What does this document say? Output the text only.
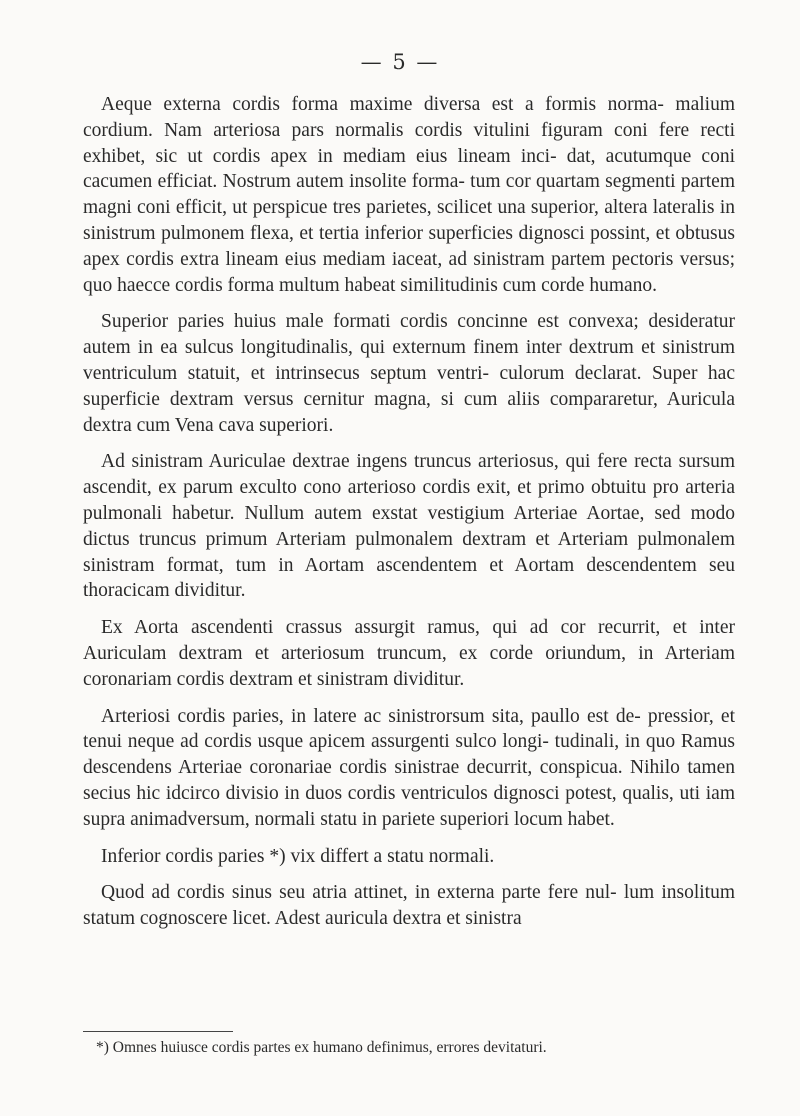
— 5 —

Aeque externa cordis forma maxime diversa est a formis norma- malium cordium. Nam arteriosa pars normalis cordis vitulini figuram coni fere recti exhibet, sic ut cordis apex in mediam eius lineam inci- dat, acutumque coni cacumen efficiat. Nostrum autem insolite forma- tum cor quartam segmenti partem magni coni efficit, ut perspicue tres parietes, scilicet una superior, altera lateralis in sinistrum pulmonem flexa, et tertia inferior superficies dignosci possint, et obtusus apex cordis extra lineam eius mediam iaceat, ad sinistram partem pectoris versus; quo haecce cordis forma multum habeat similitudinis cum corde humano.

Superior paries huius male formati cordis concinne est convexa; desideratur autem in ea sulcus longitudinalis, qui externum finem inter dextrum et sinistrum ventriculum statuit, et intrinsecus septum ventri- culorum declarat. Super hac superficie dextram versus cernitur magna, si cum aliis compararetur, Auricula dextra cum Vena cava superiori.

Ad sinistram Auriculae dextrae ingens truncus arteriosus, qui fere recta sursum ascendit, ex parum exculto cono arterioso cordis exit, et primo obtuitu pro arteria pulmonali habetur. Nullum autem exstat vestigium Arteriae Aortae, sed modo dictus truncus primum Arteriam pulmonalem dextram et Arteriam pulmonalem sinistram format, tum in Aortam ascendentem et Aortam descendentem seu thoracicam dividitur.

Ex Aorta ascendenti crassus assurgit ramus, qui ad cor recurrit, et inter Auriculam dextram et arteriosum truncum, ex corde oriundum, in Arteriam coronariam cordis dextram et sinistram dividitur.

Arteriosi cordis paries, in latere ac sinistrorsum sita, paullo est de- pressior, et tenui neque ad cordis usque apicem assurgenti sulco longi- tudinali, in quo Ramus descendens Arteriae coronariae cordis sinistrae decurrit, conspicua. Nihilo tamen secius hic idcirco divisio in duos cordis ventriculos dignosci potest, qualis, uti iam supra animadversum, normali statu in pariete superiori locum habet.

Inferior cordis paries *) vix differt a statu normali.

Quod ad cordis sinus seu atria attinet, in externa parte fere nul- lum insolitum statum cognoscere licet. Adest auricula dextra et sinistra

*) Omnes huiusce cordis partes ex humano definimus, errores devitaturi.
